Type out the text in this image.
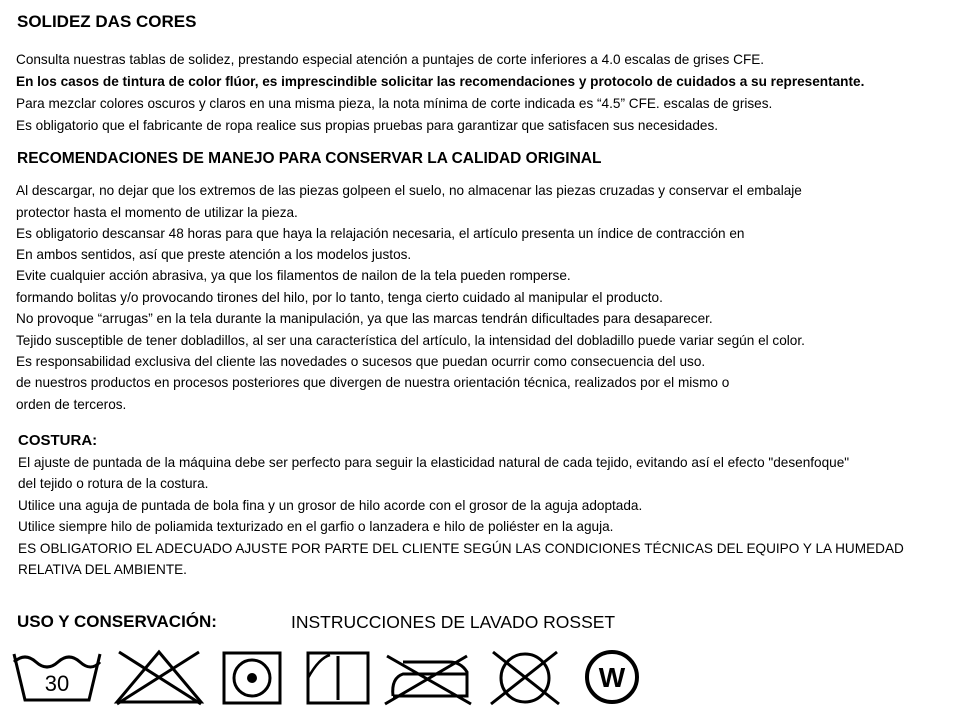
SOLIDEZ DAS CORES
Consulta nuestras tablas de solidez, prestando especial atención a puntajes de corte inferiores a 4.0 escalas de grises CFE.
En los casos de tintura de color flúor, es imprescindible solicitar las recomendaciones y protocolo de cuidados a su representante.
Para mezclar colores oscuros y claros en una misma pieza, la nota mínima de corte indicada es “4.5” CFE. escalas de grises.
Es obligatorio que el fabricante de ropa realice sus propias pruebas para garantizar que satisfacen sus necesidades.
RECOMENDACIONES DE MANEJO PARA CONSERVAR LA CALIDAD ORIGINAL
Al descargar, no dejar que los extremos de las piezas golpeen el suelo, no almacenar las piezas cruzadas y conservar el embalaje
protector hasta el momento de utilizar la pieza.
Es obligatorio descansar 48 horas para que haya la relajación necesaria, el artículo presenta un índice de contracción en
En ambos sentidos, así que preste atención a los modelos justos.
Evite cualquier acción abrasiva, ya que los filamentos de nailon de la tela pueden romperse.
formando bolitas y/o provocando tirones del hilo, por lo tanto, tenga cierto cuidado al manipular el producto.
No provoque “arrugas” en la tela durante la manipulación, ya que las marcas tendrán dificultades para desaparecer.
Tejido susceptible de tener dobladillos, al ser una característica del artículo, la intensidad del dobladillo puede variar según el color.
Es responsabilidad exclusiva del cliente las novedades o sucesos que puedan ocurrir como consecuencia del uso.
de nuestros productos en procesos posteriores que divergen de nuestra orientación técnica, realizados por el mismo o
orden de terceros.
COSTURA:
El ajuste de puntada de la máquina debe ser perfecto para seguir la elasticidad natural de cada tejido, evitando así el efecto "desenfoque"
del tejido o rotura de la costura.
Utilice una aguja de puntada de bola fina y un grosor de hilo acorde con el grosor de la aguja adoptada.
Utilice siempre hilo de poliamida texturizado en el garfio o lanzadera e hilo de poliéster en la aguja.
ES OBLIGATORIO EL ADECUADO AJUSTE POR PARTE DEL CLIENTE SEGÚN LAS CONDICIONES TÉCNICAS DEL EQUIPO Y LA HUMEDAD
RELATIVA DEL AMBIENTE.
USO Y CONSERVACIÓN:	INSTRUCCIONES DE LAVADO ROSSET
30	W
